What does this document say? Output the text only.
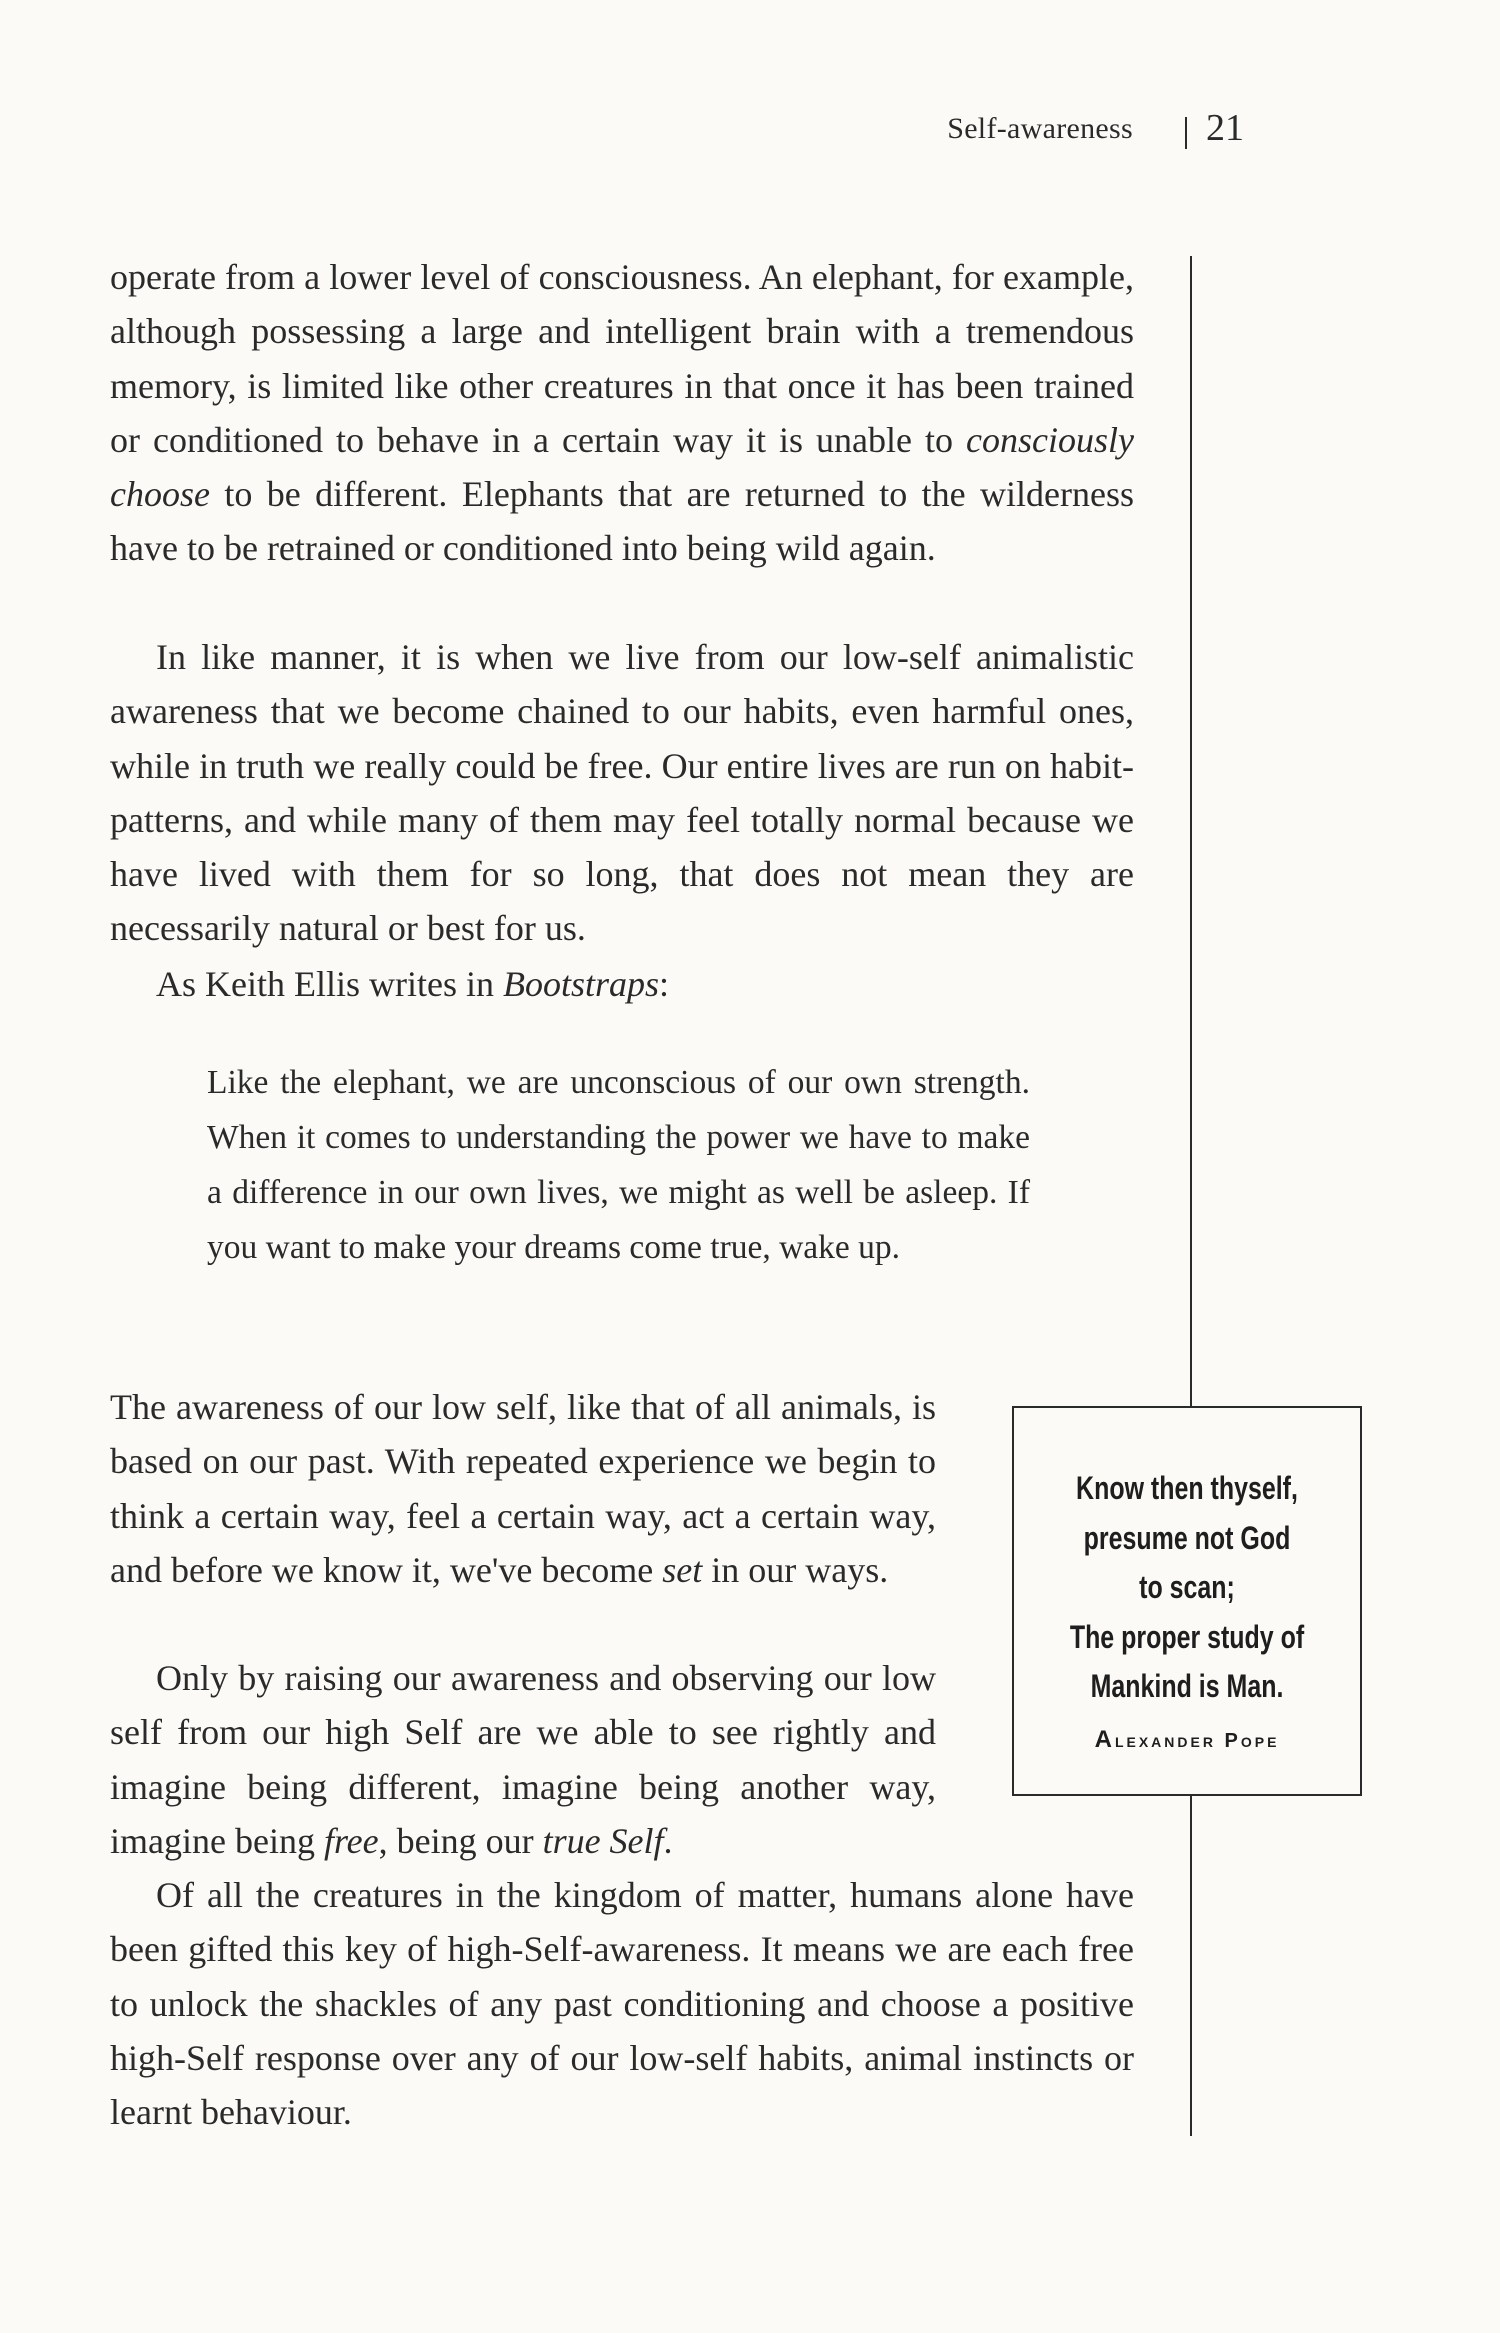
Self-awareness 21

operate from a lower level of consciousness. An elephant, for example, although possessing a large and intelligent brain with a tremendous memory, is limited like other creatures in that once it has been trained or conditioned to behave in a certain way it is unable to consciously choose to be different. Elephants that are returned to the wilderness have to be retrained or conditioned into being wild again.

In like manner, it is when we live from our low-self animalistic awareness that we become chained to our habits, even harmful ones, while in truth we really could be free. Our entire lives are run on habit-patterns, and while many of them may feel totally normal because we have lived with them for so long, that does not mean they are necessarily natural or best for us.

As Keith Ellis writes in Bootstraps:

Like the elephant, we are unconscious of our own strength. When it comes to understanding the power we have to make a difference in our own lives, we might as well be asleep. If you want to make your dreams come true, wake up.

The awareness of our low self, like that of all animals, is based on our past. With repeated experience we begin to think a certain way, feel a certain way, act a certain way, and before we know it, we've become set in our ways.

Only by raising our awareness and observing our low self from our high Self are we able to see rightly and imagine being different, imagine being another way, imagine being free, being our true Self.

Of all the creatures in the kingdom of matter, humans alone have been gifted this key of high-Self-awareness. It means we are each free to unlock the shackles of any past conditioning and choose a positive high-Self response over any of our low-self habits, animal instincts or learnt behaviour.

Know then thyself,
presume not God
to scan;
The proper study of
Mankind is Man.
Alexander Pope
